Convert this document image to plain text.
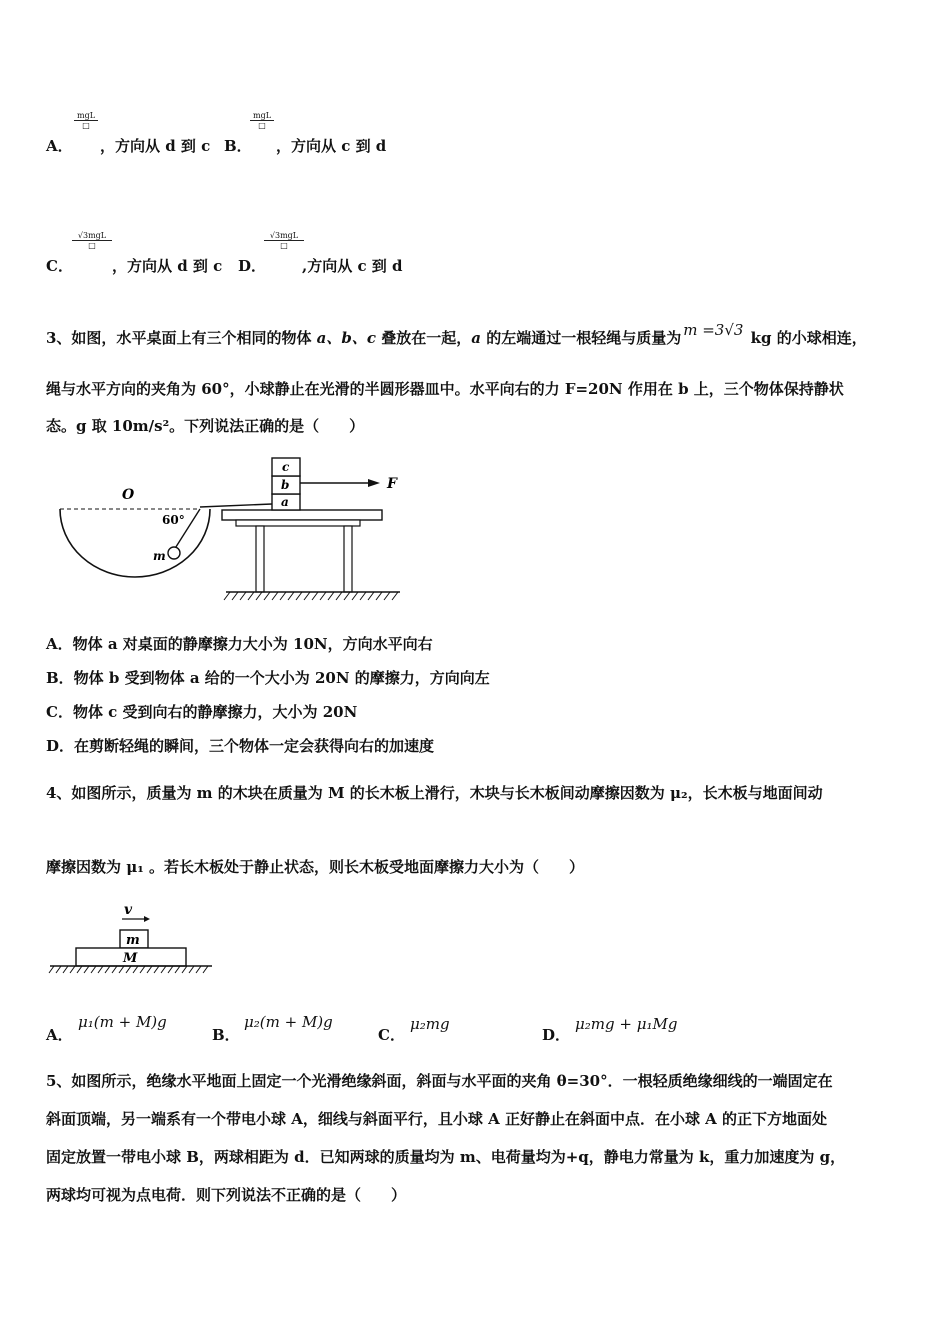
A．
mgL
□
，方向从 d 到 c B．
mgL
□
，方向从 c 到 d
C．
√3mgL
□
，方向从 d 到 c D．
√3mgL
□
,方向从 c 到 d
3、如图，水平桌面上有三个相同的物体 a、b、c 叠放在一起，a 的左端通过一根轻绳与质量为 m =3√3 kg 的小球相连，
绳与水平方向的夹角为 60°，小球静止在光滑的半圆形器皿中。水平向右的力 F=20N 作用在 b 上，三个物体保持静状
态。g 取 10m/s²。下列说法正确的是（　　）
O
60°
m
a
b
c
F
A．物体 a 对桌面的静摩擦力大小为 10N，方向水平向右
B．物体 b 受到物体 a 给的一个大小为 20N 的摩擦力，方向向左
C．物体 c 受到向右的静摩擦力，大小为 20N
D．在剪断轻绳的瞬间，三个物体一定会获得向右的加速度
4、如图所示，质量为 m 的木块在质量为 M 的长木板上滑行，木块与长木板间动摩擦因数为 μ₂，长木板与地面间动
摩擦因数为 μ₁ 。若长木板处于静止状态，则长木板受地面摩擦力大小为（　　）
v
m
M
A．
μ₁(m + M)g
B．
μ₂(m + M)g
C．
μ₂mg
D．
μ₂mg + μ₁Mg
5、如图所示，绝缘水平地面上固定一个光滑绝缘斜面，斜面与水平面的夹角 θ=30°．一根轻质绝缘细线的一端固定在
斜面顶端，另一端系有一个带电小球 A，细线与斜面平行，且小球 A 正好静止在斜面中点．在小球 A 的正下方地面处
固定放置一带电小球 B，两球相距为 d．已知两球的质量均为 m、电荷量均为+q，静电力常量为 k，重力加速度为 g，
两球均可视为点电荷．则下列说法不正确的是（　　）
